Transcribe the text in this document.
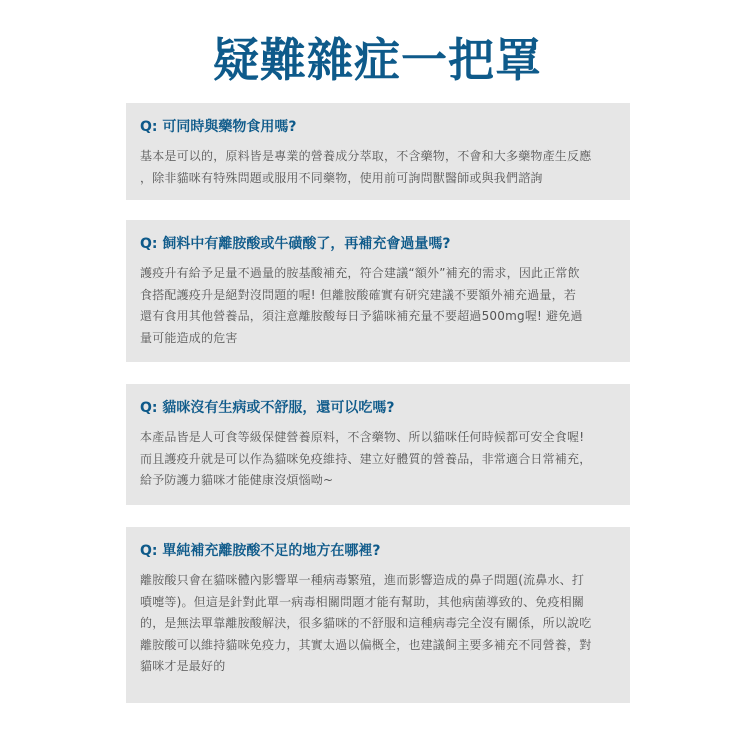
疑難雜症一把罩

Q: 可同時與藥物食用嗎?

基本是可以的，原料皆是專業的營養成分萃取，不含藥物，不會和大多藥物產生反應
，除非貓咪有特殊問題或服用不同藥物，使用前可詢問獸醫師或與我們諮詢

Q: 飼料中有離胺酸或牛磺酸了，再補充會過量嗎?

護疫升有給予足量不過量的胺基酸補充，符合建議“額外”補充的需求，因此正常飲
食搭配護疫升是絕對沒問題的喔! 但離胺酸確實有研究建議不要額外補充過量，若
還有食用其他營養品，須注意離胺酸每日予貓咪補充量不要超過500mg喔! 避免過
量可能造成的危害

Q: 貓咪沒有生病或不舒服，還可以吃嗎?

本產品皆是人可食等級保健營養原料，不含藥物、所以貓咪任何時候都可安全食喔!
而且護疫升就是可以作為貓咪免疫維持、建立好體質的營養品，非常適合日常補充，
給予防護力貓咪才能健康沒煩惱呦~

Q: 單純補充離胺酸不足的地方在哪裡?

離胺酸只會在貓咪體內影響單一種病毒繁殖，進而影響造成的鼻子問題(流鼻水、打
噴嚏等)。但這是針對此單一病毒相關問題才能有幫助，其他病菌導致的、免疫相關
的，是無法單靠離胺酸解決，很多貓咪的不舒服和這種病毒完全沒有關係，所以說吃
離胺酸可以維持貓咪免疫力，其實太過以偏概全，也建議飼主要多補充不同營養，對
貓咪才是最好的
